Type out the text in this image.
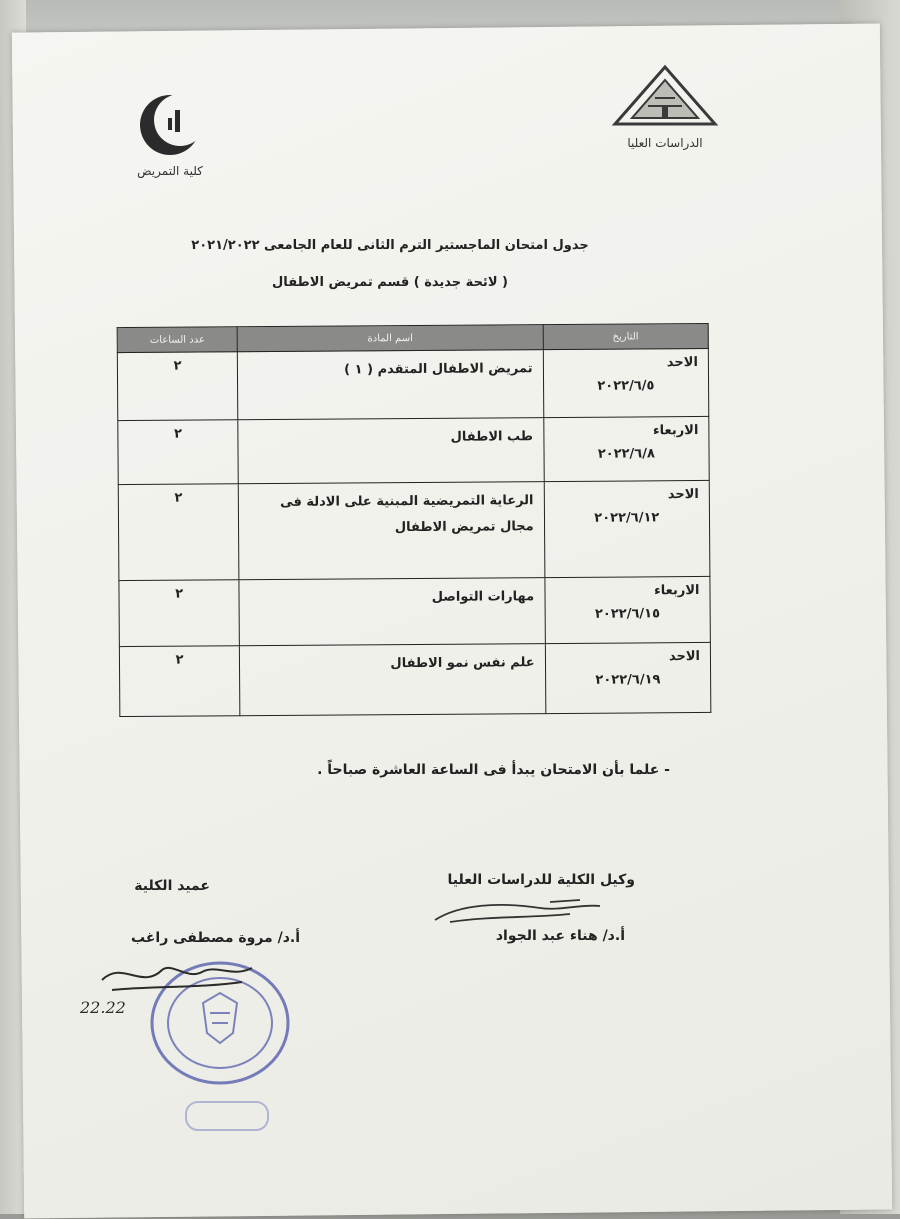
كلية التمريض
الدراسات العليا
جدول امتحان الماجستير الترم الثانى للعام الجامعى ٢٠٢١/٢٠٢٢
( لائحة جديدة ) قسم تمريض الاطفال
التاريخ	اسم المادة	عدد الساعات

الاحد
٢٠٢٢/٦/٥	تمريض الاطفال المتقدم ( ١ )	٢

الاربعاء
٢٠٢٢/٦/٨	طب الاطفال	٢

الاحد
٢٠٢٢/٦/١٢	الرعاية التمريضية المبنية على الادلة فى مجال تمريض الاطفال	٢

الاربعاء
٢٠٢٢/٦/١٥	مهارات التواصل	٢

الاحد
٢٠٢٢/٦/١٩	علم نفس نمو الاطفال	٢
- علما بأن الامتحان يبدأ فى الساعة العاشرة صباحاً .
وكيل الكلية للدراسات العليا
أ.د/ هناء عبد الجواد
عميد الكلية
أ.د/ مروة مصطفى راغب
22.22
